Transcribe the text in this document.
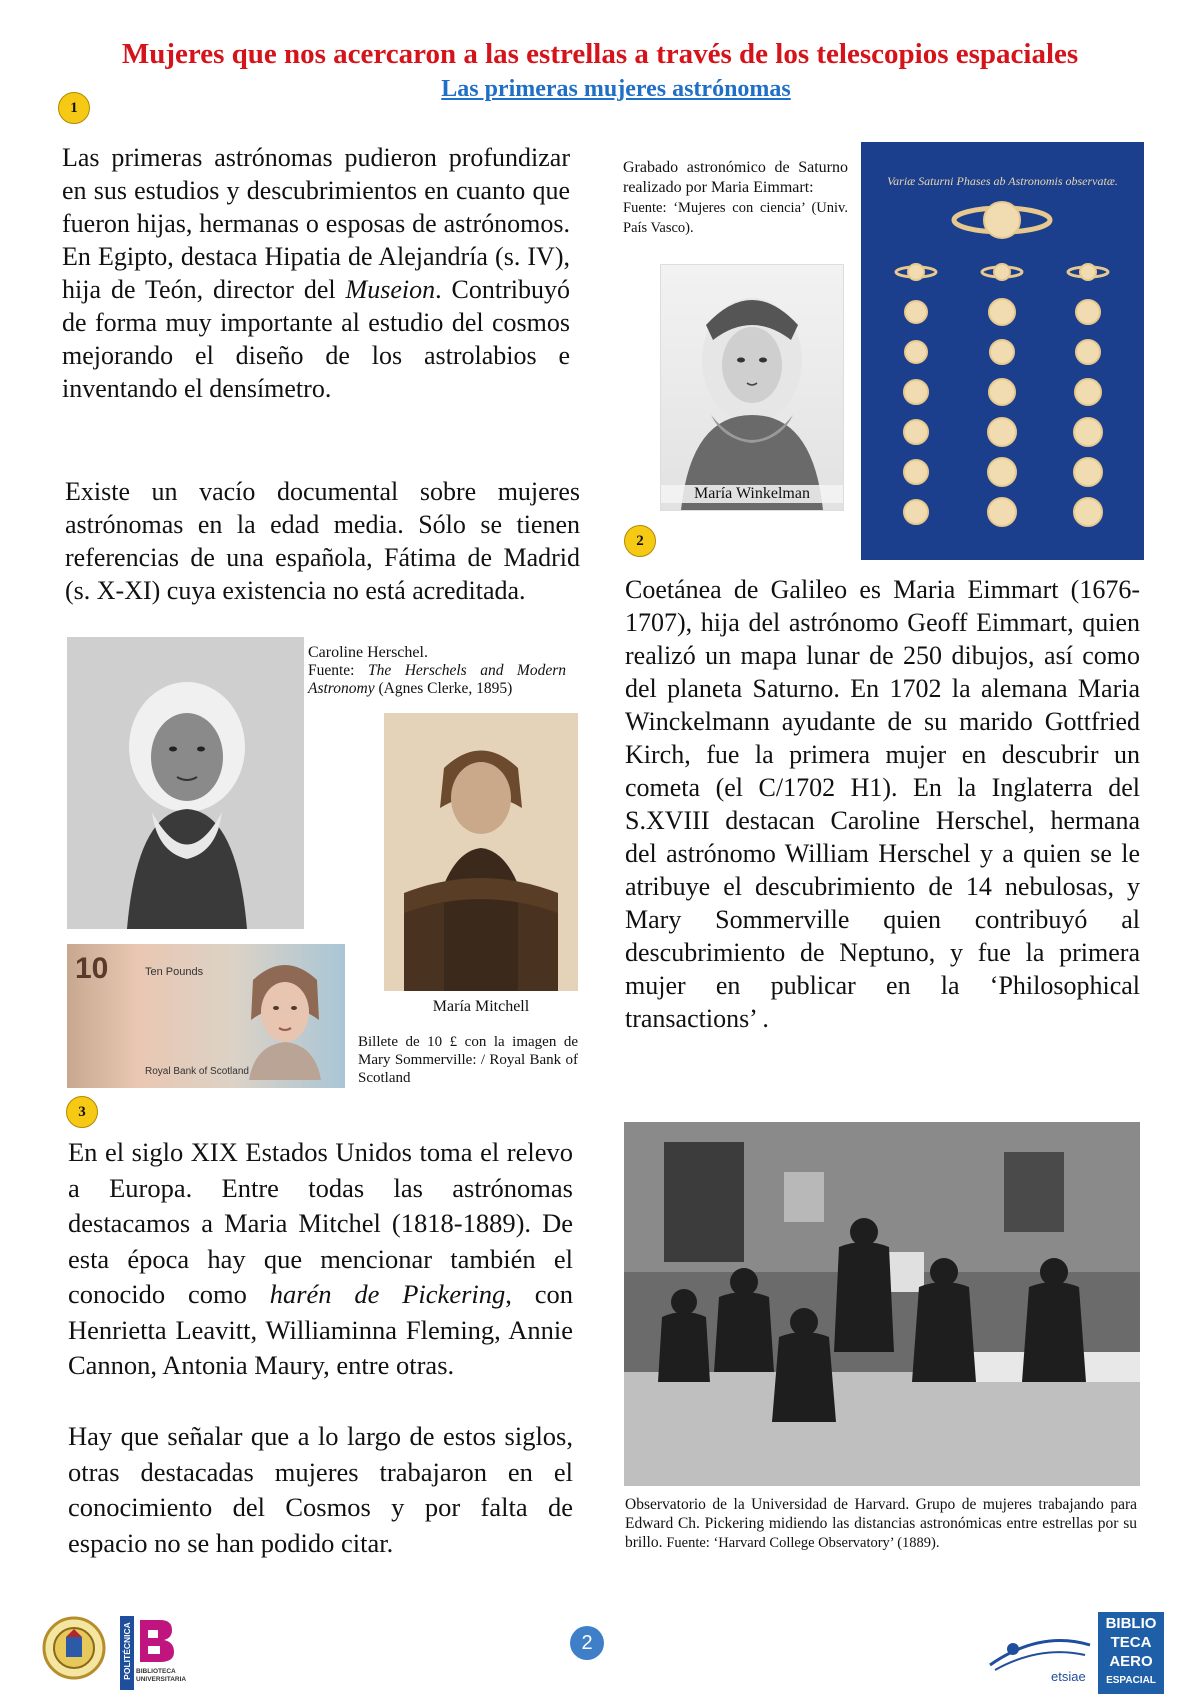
Mujeres que nos acercaron a las estrellas a través de los telescopios espaciales
Las primeras mujeres astrónomas
1
Las primeras astrónomas pudieron profundizar en sus estudios y descubrimientos en cuanto que fueron hijas, hermanas o esposas de astrónomos. En Egipto, destaca Hipatia de Alejandría (s. IV), hija de Teón, director del Museion. Contribuyó de forma muy importante al estudio del cosmos mejorando el diseño de los astrolabios e inventando el densímetro.
Existe un vacío documental sobre mujeres astrónomas en la edad media. Sólo se tienen referencias de una española, Fátima de Madrid (s. X-XI) cuya existencia no está acreditada.
Grabado astronómico de Saturno realizado por Maria Eimmart:
Fuente: ‘Mujeres con ciencia’ (Univ. País Vasco).
María Winkelman
Variæ Saturni Phases ab Astronomis observatæ.
2
Coetánea de Galileo es Maria Eimmart (1676-1707), hija del astrónomo Geoff Eimmart, quien realizó un mapa lunar de 250 dibujos, así como del planeta Saturno. En 1702 la alemana Maria Winckelmann ayudante de su marido Gottfried Kirch, fue la primera mujer en descubrir un cometa (el C/1702 H1). En la Inglaterra del S.XVIII destacan Caroline Herschel, hermana del astrónomo William Herschel y a quien se le atribuye el descubrimiento de 14 nebulosas, y Mary Sommerville quien contribuyó al descubrimiento de Neptuno, y fue la primera mujer en publicar en la ‘Philosophical transactions’ .
Caroline Herschel.
Fuente: The Herschels and Modern Astronomy (Agnes Clerke, 1895)
María Mitchell
10	Ten Pounds
Royal Bank of Scotland
Billete de 10 £ con la imagen de Mary Sommerville: / Royal Bank of Scotland
3
En el siglo XIX Estados Unidos toma el relevo a Europa. Entre todas las astrónomas destacamos a Maria Mitchel (1818-1889). De esta época hay que mencionar también el conocido como harén de Pickering, con Henrietta Leavitt, Williaminna Fleming, Annie Cannon, Antonia Maury, entre otras.
Hay que señalar que a lo largo de estos siglos, otras destacadas mujeres trabajaron en el conocimiento del Cosmos y por falta de espacio no se han podido citar.
Observatorio de la Universidad de Harvard. Grupo de mujeres trabajando para Edward Ch. Pickering midiendo las distancias astronómicas entre estrellas por su brillo. Fuente: ‘Harvard College Observatory’ (1889).
POLITÉCNICA BIBLIOTECA UNIVERSITARIA
2
etsiae
BIBLIO
TECA
AERO
ESPACIAL
